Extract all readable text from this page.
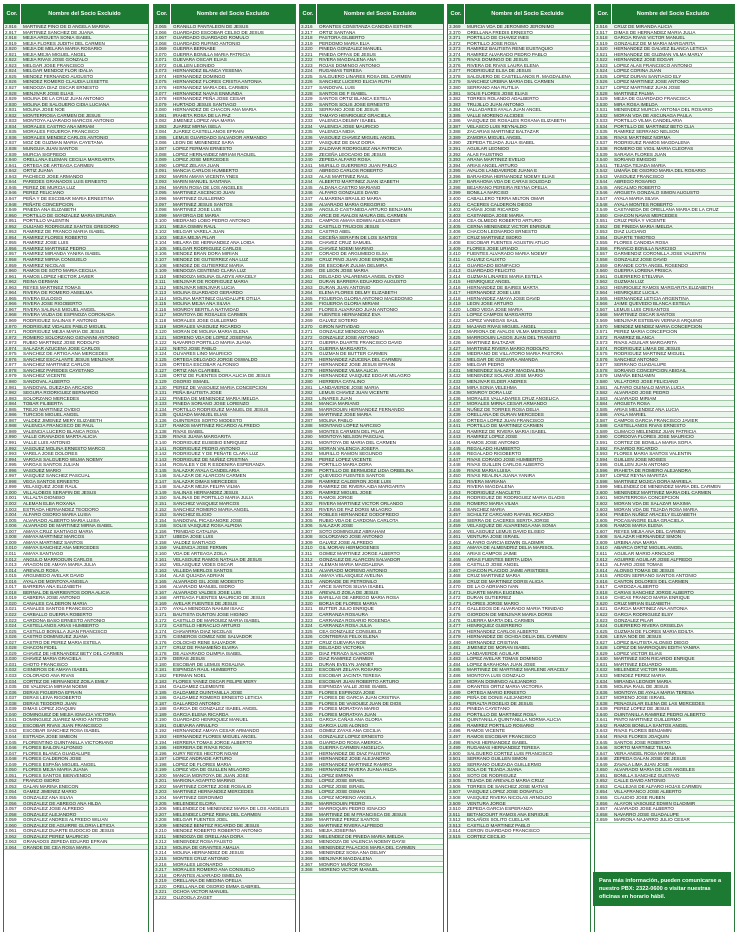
Cor.	Nombre del Socio Excluido
2.916	MARTINEZ PINO DE D ANGELA MARINA
2.917	MARTINEZ SANCHEZ DE JUANA
2.918	MEJIA ARGUETA SONIA ISABEL
2.919	MEJIA FLORES JUDITH DEL CARMEN
2.920	MEJIA DE MELARA MARIA ROSARIO
2.921	MEJIA MEJIA MIGUEL ANGEL
2.922	MEJIA RIVAS JOSE GONZALO
2.923	MELGAR JOSE FRANCISCO
2.924	MELGAR MENDOZ FLOR IDALIA
2.925	MENDEZ FERNANDO AUGUSTO
2.926	MENDEZ ROMERO CLAUDIA LISSETTE
2.927	MENDOZA DIAZ OSCAR ERNESTO
2.928	MENJIVAR JOSE ELIAS
2.929	MOLINA DE LA CRUZ JUAN ANTONIO
2.930	MOLINA DE SALGUERO CIDIA LUCIANA
2.931	MOLINA JOSE NOE
2.932	MONTERROSA CARMEN DE JESUS
2.933	MONTOYA ALVARADO MARCOS ANTONIO
2.934	MORALES CASTRO ANA MIRIAM
2.935	MORALES FIGUEROA FRANCISCO
2.936	MORALES MENDEZ CARLOS ANTONIO
2.937	MOZ DE GUZMAN MARIA CAYETANA
2.938	MUNGUIA JUAN SANTOS
2.939	MURCIA SIGFREDO
2.940	ORELLANA ELEMAN CECILIA MARGARITA
2.941	ORTEGA DE ARTEAGA CARMEN
2.942	ORTIZ JUANA
2.943	PACHECO JOSE ARMANDO
2.944	PAREDES GRANADOS LUIS ERNESTO
2.945	PEREZ DE MURCIA LUZ
2.946	PEREZ FELICIANO
2.947	PEÑA Y DE ESCOBAR MARIA ERNESTINA
2.948	PEÑATE CONCEPCION
2.949	PINEDA ANA ELIZABETH
2.950	PORTILLO DE GONZALEZ MARIA ERLINDA
2.951	PORTILLO VALENTIN
2.952	QUIJANO RODRIGUEZ SANTOS GREGORIO
2.953	RAMIREZ DE FRANCO MARIA ISABEL
2.954	RAMIREZ FLORES ROBERTO
2.955	RAMIREZ JOSE LUIS
2.956	RAMIREZ MARTINEZ PEDRO
2.957	RAMIREZ MIRANDA YANIRA ISABEL
2.958	RAMIREZ MIRNA CONSUELO
2.959	RAMIREZ NICOLAS
2.960	RAMOS DE SOTO MARIA CECILIA
2.961	RAMOS LOPEZ HECTOR JAVIER
2.962	REINA GERMAN
2.963	REYES MARTINEZ TOMAS
2.964	RIVERA DE ROMERO ANSELMA
2.965	RIVERA EULOGIO
2.966	RIVERA JOSE RIGOBERTO
2.967	RIVERA SALINAS MIGUEL ANGEL
2.968	RIVERA VIUDA DE ESPINOZA CORONADA
2.969	RODRIGUEZ SALINAS F ANTONIO
2.970	RODRIGUEZ VIDALES PABLO MIGUEL
2.971	RODRIGUEZ MEJIA MARIA DE JESUS
2.972	ROMERO SOLORZANO GIOVANNI ANTONIO
2.973	RUBIO MARTINEZ JOSE RODOLFO
2.974	SALAZAR AZUCENA JOSE CARLOS
2.975	SANCHEZ DE ARTIGA ANA MERCEDES
2.976	SANCHEZ ESCALANTE JESUS MENJIVAR
2.977	SANCHEZ MARTINEZ CARLOS
2.978	SANCHEZ PAREDES CAYETANO
2.979	SANCHEZ VICENTE
2.980	SANDOVAL ALBERTO
2.981	SANDOVAL QUEZADA ARCADIO
2.982	SEGURA RODRIGUEZ BERNARDO
2.983	SOLORZANO MERCEDES
2.984	TOBAR FILIBERTA
2.985	TREJO MARTINEZ OVIDIO
2.986	TURCIOS MIGUEL ANGEL
2.987	VALDEZ JIMENEZ MERY ELIZABETH
2.988	VALENCIA FRANCISCO DE PAUL
2.989	VALENCIA LUCERO BLANCA ROSA
2.990	VALLE GRANADOS MARTA ALICIA
2.991	VALLE LUIS ANTONIO
2.992	VASQUEZ MOLINA ERNESTO MARCO
2.993	VARELA JOSE DOLORES
2.994	VARGAS SALGUERO WILMA NOEMY
2.995	VARGAS SANTOS JULIAN
2.996	VASQUEZ MARIO
2.997	VASQUEZ SANCHEZ PASCUAL
2.998	VEGA SANTOS ERNESTO
2.999	VELASQUEZ JOSE RAUL
3.000	VILLALOBOS SERAFIN DE JESUS
3.001	VILLALTA DIONISIO
3.002	ALEMAN ELBA ROXANA
3.003	ESTRADA HERNANDEZ TEODORO
3.004	ALFARO OSORIO MARIA LUISA
3.005	ALVARADO ALBERTO MARIA LUISA
3.006	ALVARADO DE MARTINEZ MIRNA ISABEL
3.007	AMAYA CRUZ SANTIAGO MARIA
3.008	AMAYA MARTINEZ MARCOS
3.009	AMAYA MARTINEZ SANTOS
3.010	AMAYA SANCHEZ ANA MERCEDES
3.011	AMAYA SANTIAGO
3.012	ANGULO MARROQUIN CARLOS
3.013	ARAGON DE AMAYA MARIA JULIA
3.014	AREVALO ROSA
3.015	ARGUMEDO AVELAR DAVID
3.016	AYALA DE MONTOYA ANGELA
3.017	BARRERA ANA ELIZABETH
3.018	BERNAL DE BARRIENTOS DORA ALICIA
3.019	CABRERA JOSE ANTONIO
3.020	CANALES CALDERON MARIA
3.021	CANALES SANTOS FRANCISCO
3.022	CARBALLO GUERRA ROBERTO
3.023	CARDONA BASO ERNESTO ANTONIO
3.024	CASTELLANOS ARIAS HUMBERTO
3.025	CASTILLO BONILLA JUAN FRANCISCO
3.026	CASTRO DOMINGUEZ JUANA
3.027	CASTRO DE PEREZ MARIA ESTELA
3.028	CHACON FIDEL
3.029	CHAVEZ DE HERNANDEZ BETY DEL CARMEN
3.030	CHAVEZ MARIA GRACIELA
3.031	CHOTO FRANCISCO
3.032	CISNEROS DE AMAYA ISABEL
3.033	COLORADO ANA RIVAS
3.034	CORTEZ DE HERNANDEZ ZOILA EMILY
3.035	DE VALENCIA MIRIAM NOEMI
3.036	DERAS FIGUEROA EFRAIN
3.037	DERAS LEIVA RIGOBERTO
3.038	DERAS TEODORO JUAN
3.039	DIMAS LOPEZ JOAQUIN
3.040	DOMINGUEZ DE MEJIA IGNACIA VICTORIA
3.041	DOMINGUEZ JUAREZ MARIO ANTONIO
3.042	ESCOBAR RIVAS JUAN FRANCISCO
3.043	ESCOBAR SANCHEZ ROSA ISABEL
3.044	ESTRADA JOSE SIMEON
3.045	FLORENTINO GUINTANILLA VICTORIANO
3.046	FLORES BAILON ALFONSO
3.047	FLORES BLANCA GUADALUPE
3.048	FLORES CALDERON JOSE
3.049	FLORES ESPAÑA MIGUEL ANGEL
3.050	FLORES MEJIA MARIA JUANA
3.051	FLORES SANTOS BIENVENIDO
3.052	FRANCO ISIDRO
3.053	GALAN MARINA ENECON
3.054	GAMEZ JIMENEZ MARIO
3.055	GONZALEZ ANA SILVIA
3.056	GONZALEZ DE ABREGO ANA HILDA
3.057	GONZALEZ JOSE ALFREDO
3.058	GONZALEZ ALEJANDRO
3.059	GONZALEZ ANDRES ALFREDO WILIAN
3.060	GONZALEZ DE AGUIRRE GLORIA LETICIA
3.061	GONZALEZ DUARTE EUDOCIO DE JESUS
3.062	GONZALEZ PEREZ MAURICIO
3.063	GRANADOS ZEPEDA EDUARD EFRAIN
3.064	GRANDE DE CEA ROSA MARIA
Cor.	Nombre del Socio Excluido
3.065	GRANILLO PANTALEON DE JESUS
3.066	GUARDADO ESCOBAR CELSO DE JESUS
3.067	GUARDADO GUARDADO ROMULO
3.068	GUARDADO RUFINO ANTONIO
3.069	GUERRA BERNABE
3.070	GUERRA BONILLA MARIA PATRICIA
3.071	GUEVARA OSCAR ELIAS
3.072	GUILLEN LEONIDO
3.073	HERNANDEZ BLANCA YESENIA
3.074	HERNANDEZ DOMINGO
3.075	HERNANDEZ FLORES CRISTIA ANTONIA
3.076	HERNANDEZ MARIA DEL CARMEN
3.077	HERNANDEZ NAVAS ENMUNDA
3.078	HERNANDEZ PEÑA JOSE CESAR
3.079	HURTADO JESUS SANTIAGO
3.080	HERNANDEZ DE CHACON ANA MARIA
3.081	IRAHETA ROSA DE LA PAZ
3.082	JIMENEZ LOPEZ ANA MARIA
3.083	JUAREZ MIRNA ISELA
3.084	JUAREZ CASTELLANOS EFRAIN
3.085	LEMUS GUARDADO SALVADOR ARMANDO
3.086	LEON DE MENENDEZ SARA
3.087	LOPEZ FERMAN ERNESTO
3.088	LOPEZ HERNANDEZ MIRIAM RAQUEL
3.089	LOPEZ JOSE MERCEDES
3.090	LOPEZ ZELAYA JUAN
3.091	MANCIA CARLOS HUMBERTO
3.092	MARIN AMAYA VICENTA YNES
3.093	MARIN MANUEL SANTANA
3.094	MARIN ROSA DE LOS ANGELES
3.095	MARTINEZ ASCENCIO JUAN
3.096	MARTINEZ GUILLERMO
3.097	MARTINEZ JESUS SANTOS
3.098	MARTINEZ JOSE LUIS
3.099	MAYORGA DE MARIA
3.100	MEDRANO LOBO PEDRO ANTONIO
3.101	MEJIA OSMIN RAUL
3.102	MELGAR VARELA JUAN
3.103	MEJIA MEJIA PILAR
3.104	MELARA DE HERNANDEZ ANA LOIDA
3.105	MELGAR RODRIGUEZ CARLOS
3.106	MENDEZ BRAN DORA MIRIAN
3.107	MENDEZ DE GUTIERREZ ANA LUZ
3.108	MENDEZ DE GUTIERREZ MARIA
3.109	MENDOZA CENTENO CLARA LUZ
3.110	MENDOZA MOLINA GLADYS ARACELY
3.111	MENJIVAR DE RODRIGUEZ MARIA
3.112	MENJIVAR MENJIVAR LUCIA
3.113	MOLINA GUARDADO GERARDO
3.114	MOLINA MARTINEZ GUADALUPE OTILIA
3.115	MOLINA MEJIA ANA SILVIA
3.116	MONROY BERTILA NATIVIDAD
3.117	MONTOYA DE ROSALES CARMEN
3.118	MORALES JOSE GUILLERMO
3.119	MORALES VASQUEZ RICARDO
3.120	MORAN DE MOLINA MARIA ELENA
3.121	MORENO VDA DE LOPEZ JOSEFINA
3.122	NAVARRO PORTILLO MARIA JUANA
3.123	NIETO JOSE PABLO
3.124	OLIVARES LINO MAURICIO
3.125	ORTEGA DELGADO JORGE OSWALDO
3.126	ORTEGA ESCOBAR ALFONSO
3.127	ORTIZ ANA CLARIBEL
3.128	ORTIZ DE FUENTES DORA ALICIA DE JESUS
3.129	OSORIO ISMAEL
3.130	PEREZ DE VASQUEZ MARIA CONCEPCION
3.131	PEÑA BAUTISTA JOSE
3.132	PINEDA DE MENENDEZ MARIA IMELDA
3.133	PINEDA SORIANO JOSE LORENZO
3.134	PORTILLO RODRIGUEZ MANUEL DE JESUS
3.135	QUIJADA MANUEL ELIAS
3.136	QUINTEROS SORTO MODESTO
3.137	RAMOS MARTINEZ RICARDO ALFREDO
3.138	RIVAS ISABEL
3.139	RIVAS JUANA MARGARITA
3.140	RODRIGUEZ EUSEBIO ENRIQUEZ
3.141	RODRIGUEZ PEDRO ANTONIO
3.142	RODRIGUEZ Y DE PEÑATE CLARA LUZ
3.143	RODRIGUEZ DE NUÑEZ CRISTINA
3.144	ROSALES Y DE R ESDENIRA ESPERANZA
3.145	SALAZAR AYALA CANDELARIA
3.146	SALAZAR DE ALARCON CARMEN
3.147	SALAZAR DIMAS MERCEDES
3.148	SALAZAR MEJIA FELIPA VILMA
3.149	SALINAS HERNANDEZ JESUS
3.150	SALINAS DE PORTILLO MARIA JULIA
3.151	SANCHEZ VASQUEZ MARCOS
3.152	SANCHEZ ROMERO MARIA ANGEL
3.153	SANCHEZ ELIGIO
3.154	SANDOVAL PICASANGRE JOSE
3.155	SOLIS VASQUEZ ROSA ALPIDIA
3.156	TRINIDAD CATALINA
3.157	UBEDA JOSE LUIS
3.158	VALDEZ SANTIAGO
3.159	VALENCIA JOSE FERMIN
3.160	VDA DE ARTEAGA ZOILA
3.161	VELASQUEZ RAMOS NATALIA DE JESUS
3.162	VELASQUEZ VIDES OSCAR
3.163	VILLEDA MERLOS SANTOS
3.164	ALAS QUIJADA ADRIAN
3.165	ALVARADO GIL JOSE MODESTO
3.166	ALVARADO MANUEL ISIDRO
3.167	ALVARADO VALDES JOSE LUIS
3.168	ARTEAGA FUENTES MAURICIO DE JESUS
3.169	AVELAR FUENTES DE JESUS
3.170	AYALA MENDOZA NAHUM ISAAC
3.171	BAUTISTA DUNTON JOSE HIGINIO
3.172	CASTILLO DE MARQUEZ MARIA ISABEL
3.173	CASTILLO HERACLIO ARTURO
3.174	CHAVARRIA DIAZ NICOLAS
3.175	CISNEROS GOMEZ NOE SALVADOR
3.176	COLOCHO RENE SALVADOR
3.177	CRUZ DE PANAMEÑO ELVIRA
3.178	DE ALVARADO OLIMPIA ISABEL
3.179	DERAS JESUS
3.180	ESCOBAR DE LEMUS ROSALINA
3.181	ESPINOZA RAUL HUMBERTO
3.182	FERMAN NOEL
3.183	FLORES YANEZ OSCAR FELIPE MERY
3.184	GALDAMEZ CLEMENTE
3.185	GALDAMEZ QUINTANILLA JOSE
3.186	GALDAMEZ ROMERO ERNESTO LETICIA
3.187	GALLARDO ANTONIO
3.188	GARCIA DE GONZALEZ ISABEL ANGEL
3.189	GARCIA ELENA RICARDA
3.190	GUARDADO HENRIQUEZ MANUEL
3.191	GUEVARA ARNULFO
3.192	HERNANDEZ AMAYA CESAR ARMANDO
3.193	HERNANDEZ FLORES MIGUEL ANGEL
3.194	HERRERA TOMAS JORGE ALBERTO
3.195	HERRERA DE RIVAS ROSA
3.196	KURY REYES HECTOR NOAM
3.197	LOPEZ ANDRADE ARTURO
3.198	LOPEZ DE FLORES MARIA
3.199	LOPEZ VDA DE GUILLEN MILAGRO
3.200	MANCIA MONTOYA DE JUAN JOSE
3.201	MARIONA AGAPITO MARINO
3.202	MARTINEZ CORTEZ JOSE ROSALIO
3.203	MARTINEZ HERNANDEZ MERCEDES
3.204	MARTINEZ GERONIMO
3.205	MELENDEZ ELCIRA
3.206	MELENDEZ DE MENENDEZ MARIA DE LOS ANGELES
3.207	MELENDEZ LOPEZ REINA DEL CARMEN
3.208	MELGAR FUENTES JOEL
3.209	MENDEZ BENITEZ RICARDO DE JESUS
3.210	MENDEZ ROBERTO ROBERTO ANTONIO
3.211	MENDOZA DE ORELLANA DORA
3.212	MENENDEZ ROSA FAUSTO
3.213	MOLINA DE GRANTES AMALIA
3.214	MOLINA HERNANDEZ DE JESUS
3.215	MONTES CRUZ ANTONIO
3.216	MORALES LEONARDO
3.217	MORALES ROMERO ANA CONSUELO
3.218	ORANTES ALVARADO ISMELDA
3.219	ORELLANA DE MEDINA OFELIA
3.220	ORELLANA DE OSORIO EMMA GABRIEL
3.221	OCHOA VICTOR MANUEL
3.222	OLIZOOLA ZAGET
Cor.	Nombre del Socio Excluido
3.216	ORANTES CONSTANZA CANDIDA ESTHER
3.217	ORTIZ SANTANA
3.218	PASTORA GILBERTO
3.219	PERDOMO MARIA ELIA
3.220	PINEDA GONZALEZ MANUEL
3.221	PINEDA OFFAS DE JESUS
3.222	RIVERA MAGDALENA ANA
3.223	ROJAS DOMINGO ANTONIO
3.224	RUGAMAS TERESA
3.225	SALGUERO LINARES ROSA DEL CARMEN
3.226	SANCHEZ LUCERO ELICIA RUTH
3.227	SANDOVAL LUIS
3.228	SANTOS DE F ISABEL
3.229	SANTOS ORTIZ BLANCA ESTELA
3.230	SANTOS SOLIS JOSE ERNESTO
3.231	SERRANO JOSE DE JESUS
3.232	TAMAYO HENRIQUEZ GRACIELA
3.233	VALENCIA DEUMY ISABEL
3.234	VALENCIA JOSE MAURICIO
3.235	VALENCIA NIDIA
3.236	VASQUEZ CHAVEZ MIGUEL ANGEL
3.237	VASQUEZ DE DIAZ DORA
3.238	ZALDIVAR RODRIGUEZ ANA PATRICIA
3.239	ZECEÑA LEOCADIO DE JESUS
3.240	ZEPEDA ALFARO ROSA
3.241	MURILLO GUERRERO JUAN PABLO
3.242	ABREGO CARLOS ROBERTO
3.243	ALAS MARTINEZ RAUL
3.244	ALBERTO MARTINEZ JUAN IZABETH
3.245	ALDANA CASTRO MARIANO
3.246	ALFARO GONZALES DAVID
3.247	ALMARENA BRAULIO MARIA
3.248	ALVARADO MARIA GREGORIO
3.249	ANGULO CASTANEDA ARTURO BENJAMIN
3.250	ARCE DE AVALOS MAURA DEL CARMEN
3.251	CAMPOS AMAYA EDWIN ALEXANDER
3.252	CASTILLO TRUCIOS JESUS
3.253	CASTRO ABEL
3.254	CECEÑA SERAFIN DE LOS SANTOS
3.255	CHAVEZ CRUZ SAMUEL
3.256	CHAVEZ NOEMI MARINO
3.257	CORADO DE ARGUMEDO ELSA
3.258	CRUZ PINO JUAN JOSE ENRIQUE
3.259	DE ESCOBAR ZULMA DELMIRA
3.260	DE LEON JOSE MARIA
3.261	DELGADO VALARENGA ANGEL OVIDIO
3.262	DURAN BARRERA EDUARDO AUGUSTO
3.263	DURAN JUAN ANTONIO
3.264	ELENA FLORES DELMY ELIZABETH
3.265	FIGUEROA GLORIA ANTONIO MACEDONIO
3.266	FIGUEROA GLORIA MIRIAM
3.267	FLORES ALVARADO JUAN ANTONIO
3.268	FUENTES HERNANDEZ EVA
3.269	GALVEZ SOTERO
3.270	GIRON NATIVIDAD
3.271	GONZALEZ MENDOZA WILMA
3.272	GONZALEZ JOSE ANTONIO
3.273	GUERRA DUARTE FRANCISCO DAVID
3.274	GUERRA MARGARITA
3.275	GUZMAN DE BUTTER CARMEN
3.276	HERNANDEZ AZUCENA DEL CARMEN
3.277	HERNANDEZ JOSE JESUS EFRAIN
3.278	HERNANDEZ VILMA ALICIA
3.279	HERNANDEZ VASQUEZ EDGAR MILAGRO
3.280	HERRERA CATALINO
3.281	LANDAVERDE JOSE MARIA
3.282	LEMUS CHAVEZ JUAN VICENTE
3.283	LINARES JUAN
3.284	MANCIA MARIANO
3.285	MARROQUIN HERNANDEZ FERNANDO
3.286	MARTINEZ JOSE MARIA
3.287	MOLINA PABLO
3.288	MONTANO LOPEZ NARCISO
3.289	MONTES CARMEN DEL PILAR
3.290	MONTOYA NELSON PASCUAL
3.291	MONTOYA DE MARIA DEL CARMEN
3.292	MORAN VALENCIA JOSEFA
3.293	MURILLO RAMON SEGUNDO
3.294	PEREZ LOPEZ VICENTE
3.295	PORTILLO MARIA DORA
3.296	PORTILLO DE BERMUDEZ LIDIA ORBELINA
3.297	QUEVEDO FUENTES SANTOS
3.298	RAMIREZ CALDERON JOSE LUIS
3.299	RAMIREZ DE RIVERA AIDA MARGARITA
3.300	RAMIREZ MIGUEL JOSE
3.301	RAMOS JORGE
3.302	RIVERA MARTINEZ VICTOR ORLANDO
3.303	RIVERA DE PAZ DORIS MILAGRO
3.304	ROBLES HERNANDEZ GODOFREDO
3.305	RUBIO VDA DE CARDONA CARLOTA
3.306	SALAZAR JOSE
3.307	SOTO DOMINGUEZ ABRAHAM
3.308	SOLORZANO JOSE ANTONIO
3.309	GALVEZ JOSE ALFREDO
3.310	GIL MORAN HERMOGENES
3.311	GOMEZ MARTINEZ JORGE ALBERTO
3.312	GONZALEZ DE ALARCON SALVADOR
3.313	ALEMAN MARIA MAGDALENA
3.314	ALVARADO MORENO ANTONIO
3.315	AMAYA VELASQUEZ AVELINA
3.316	ANDRADE DE PETRONILO
3.317	ARCE SANTOS SILVIA ISABEL
3.318	AREVALO ZOILA DE JESUS
3.319	BARILLAS DE ABREGO MARIA ROSA
3.320	BORJA DE FLORES MARIA
3.321	BUTTER JULIO ENRIQUE
3.322	CARRANZA ROSAURA
3.323	CARRANZA ROSARIO ROSENDA
3.324	CARRANZA ROSA JULIA
3.325	CEA GONZALEZ CONSUELO
3.326	CONTRERAS FELIX ELENA
3.327	CRUZ GUEVARA NOE
3.328	DELGADO VICTORIA
3.329	DIAZ PERAZA SALVADOR
3.330	DIAZ RAMIREZ CARMEN
3.331	DURAN EVELYN JANNET
3.332	ESCOBAR ZELAYA ROSARIO
3.333	ESCOBAR JACINTA TERESA
3.334	ESCOBAR JUAN ROBERTO ARTURO
3.335	ESPINOZA VALLE JOSE ISABEL
3.336	FLORES ESPINOZA JOSE
3.337	FLORES DE GARCIA JUAN CRISTINA
3.338	FLORES DE VASQUEZ JUAN DE DIOS
3.339	FLORES MORATAYA MARIO
3.340	FLORES MORATAYA JUAN
3.341	GARCIA CAÑAS ANA GLORIA
3.342	GARCIA LUIS ALONSO
3.343	GOMEZ ZAYAS ANA CECILIA
3.344	GONZALEZ LOPEZ ERNESTO
3.345	GUARDADO ROSA AMERICA
3.346	GUERRA CARMEN ANGELICA
3.347	HERNANDEZ DE DIAZ FAUSTINA
3.348	HERNANDEZ JOSE ALEJANDRO
3.349	HERNANDEZ MARTINEZ RAMIRO
3.350	HERNANDEZ RIVERA JUANA HILDA
3.351	LOPEZ EMIRNA
3.352	LOPEZ JOSE ISRAEL
3.353	LOPEZ JOSE ISRAEL
3.354	LOPEZ JOSE OSMAN
3.355	LOPEZ MORENO ANGELA
3.356	MARROQUIN PEDRO
3.357	MARROQUIN PEDRO IGNACIO
3.358	MARTINEZ DE M FRANCISCA DE JESUS
3.359	MARTINEZ PEREZ SANTOS
3.360	MARTINEZ RIVERA ALFREDO
3.361	MEJIA JOSEFINA
3.362	MELENDEZ DE PINEDA MARIA IMELDA
3.363	MENDOZA DE VALENCIA NOEMY DAYSI
3.364	MENENDEZ PALACIOS MARIA DEL CARMEN
3.365	MENENDEZ SOSA ANA DELMY
3.366	MENJIVAR MAGDALENA
3.367	MONROY MUÑOZ ROSA
3.368	MORENO VICTOR MANUEL
Cor.	Nombre del Socio Excluido
3.369	MURCIA VDA DE JERONIMO JERONIMO
3.370	ORELLANA FREDIS ERNESTO
3.371	PORTILLO DE CHAVEZ INES
3.372	PORTILLO JOSE ROSA
3.373	RAMIREZ BAUTISTA RENE EUSTAQUIO
3.374	RAMIREZ ALVARADO PEDRO PABLO
3.375	RIVAS DOMINGO DE JESUS
3.376	RIVERA DE RIVAS LAURA ELENA
3.377	RODRIGUEZ ELSA DE JESUS
3.378	SALGUERO DE CASTELLANOS R. MAGDALENA
3.379	SANCHEZ URBINA MARIA DEL CARMEN
3.380	SERRANO ANA RUTILIA
3.381	SOLIS FLORES JOSE ELIAS
3.382	TORRES ROLANDO ADALBERTO
3.383	TRUJILLO JUAN ANTONIO
3.384	VALLADARES AYALA JUAN ANGEL
3.385	VALLE MORENO ALCIDES
3.386	VASQUEZ DE ROSALES ROXANA ELIZABETH
3.387	VELASCO LUIS REYNALDO
3.388	ZACARIAS MARTINEZ BALTAZAR
3.389	ZAMORA MIGUEL ANGEL
3.390	ZEPEDA TEJADA JULIA ISABEL
3.391	AGUILAR LEONIDO
3.392	ALAS FAUSTINO
3.393	ARANA MARTINEZ EVELIO
3.394	ARIAS ANGEL ARTURO
3.395	AVALOS LANDAVERDE JUANA E
3.396	BARAHONA HERNANDEZ NOEMY ELIAS
3.397	BARAHONA VDA DE CARAS SOLEDAD
3.398	BEJARANO PEREIRA REYNA OFELIA
3.399	BONILLA NARCISO
3.400	CABALLERO TERRA MILTON OMAR
3.401	CACERES CALDERON DIEGO
3.402	CAÑAS JOSE RICARDO
3.403	CASTANEDA JOSE MARIA
3.404	CEA OLMEDO ROBERTO ARTURO
3.405	CERNA MENENDEZ VICTOR ENRIQUE
3.406	CHACON LEONARDO ERNESTO
3.407	CRUZ MARTINEZ ISIDRO
3.408	ESCOBAR FUENTES AGUSTIN ATILIO
3.409	FLORES JOSE URIADO
3.410	FUENTES ALVARADO MARIA NOEMY
3.411	GALVEZ CALIXTO
3.412	GUARDADO BONIFACIO
3.413	GUARDADO FELICITO
3.414	GUZMAN LINARES MARIA ESTELA
3.415	HENRIQUEZ ANGEL
3.416	HERNANDEZ DE BAIRES MARTA
3.417	HERNANDEZ JOSE LUIS
3.418	HERNANDEZ AMAYA JOSE DAVID
3.419	LEON JOSE ARTURO
3.420	LOBO VEGA JOSE MARIA
3.421	LOPEZ CAMPOS MARGARITO
3.422	LOPEZ VANEGAS SAUL
3.423	MAJANO RIVAS MIGUEL ANGEL
3.424	MARIONA DE AVALOS VILMA MERCEDES
3.425	MARROQUIN LAGOS JUAN DEL TRANSITO
3.426	MARTINEZ BALTAZAR
3.427	MARTINEZ RIVERA MARIO RODOLFO
3.428	MEDRANO DE VILLATORO MARIA PASTORA
3.429	MELGAR DE GUEVARA AMANDA
3.430	MELGAR PEDRO
3.431	MENENDEZ SALAZAR MAGDALENA
3.432	MENENDEZ SOLANO JOSE MARIO
3.433	MENJIVAR ELDER ANDRES
3.434	MIRA SONIA VELEHMA
3.435	MONROY DORA LUZ
3.436	MORALES VALLADARES CRUZ ANGELICA
3.437	MORALES MIRNA CESAR ARMANDO
3.438	NUÑEZ DE TORRES ROSA DELIA
3.439	ORELLANA DE DURAN MERCEDES
3.440	ORTEGA LOPEZ JUAN FRANCISCO
3.441	PORTILLO DE MARTINEZ CARMEN
3.442	RAMIREZ DE RIVERA MARIA ISABEL
3.443	RAMIREZ LOPEZ JOSE
3.444	RAMOS JOSE ANTONIO
3.445	REGALADO HUMBERTO
3.446	REGALADO RIGOBERTO
3.447	RIVAS CORADO JOSE HUMBERTO
3.448	RIVAS GUILLEN CARLOS ALBERTO
3.449	RIVAS MARIA LUISA
3.450	RIVAS REALINA JUANA YANIRA
3.451	RIVERA MARIANA
3.452	RIVERA MAGDALENA
3.453	RODRIGUEZ ANACLETO
3.454	RODRIGUEZ DE RODRIGUEZ MARIA GLADIS
3.455	ROMERO MARIA VILMA
3.456	SANCHEZ MARIA
3.457	SCHULTZ CARCAMO RAFAEL RICARDO
3.458	SIERRA DE CACERES SERITA JORGE
3.459	VELASQUEZ DE ALVARENGA ANA SONIA
3.460	VELASQUEZ LEMUS DAVID ELISEO
3.461	VENTURA JOSE ISRAEL
3.462	ALFARO GARCIA EDWIN GLADIMIR
3.463	AMAYA DE ALMENDRIZ DELIA MARISOL
3.464	ARIAS CAMPOS JAIME
3.465	ARIAS FUENTES BERTA LIDIA
3.466	CASTILLO JOSE ANGEL
3.467	CHACON PLACIDO JAIME ARISTIDES
3.468	CRUZ MARTINEZ MARIA
3.469	CRUZ DE MARTINEZ DORIS ALICIA
3.470	DE LA O ADRIANO IVAN
3.471	DUARTE MARIA EUGENIA
3.472	DURAN GUTIERREZ
3.473	FLORES JORGE MARIO
3.474	GALLEGOS DE ALVARADO MARIA TRINIDAD
3.475	GIORDON DE MENJIVAR MARIA DORIS
3.476	GUERRA MARTA DEL CARMEN
3.477	HENRIQUEZ GUERRERO
3.478	HERNANDEZ CARLOS ALBERTO
3.479	HERNANDEZ DE OCHOA DELIA DEL CARMEN
3.480	HERNANDEZ CRISTIAN
3.481	JIMENEZ DE MORAN ISABEL
3.482	LANDAVERDE AGUILAR
3.483	LOPEZ AVELAR TOMAS DOMINGO
3.484	LOPEZ BARAHONA JUAN JOSE
3.485	MARTINEZ DE MARTINEZ MARLENE ARACELY
3.486	MONTOYA LUIS GONZALO
3.487	MORAN DOMINGO ALEJANDRO
3.488	ORANTES ORTIZ MARIA VICTORIA
3.489	ORTEGA MARIO ERNESTO
3.490	PEÑA DE DONIS ALEJANDRO
3.491	PERALTA ROGELIO DE JESUS
3.492	PINEDA CAYETANO
3.493	PORTILLO DE MARTINEZ ROSA
3.494	QUINTANILLA QUINTANILLA NORMA ALICIA
3.495	RAMIREZ PORTILLO ROSARIO
3.496	RAMOS VICENTE
3.497	RAMOS ESCOBAR FRANCISCO
3.498	RIVAS HERNANDEZ ISABEL
3.499	RUGAMAS HERNANDEZ TERESA
3.500	SALGUERO CORTEZ LUIS FRANCISCO
3.501	SERRANO GUILLEN SIMON
3.502	SERRANO QUEZADA GUILLERMO
3.503	SOLA DE TEJADA JUANA
3.504	SOTO DE RODRIGUEZ
3.505	TEJADA DE AREVALO MARIA CRUZ
3.506	TORRES DE SANCHEZ JOSE MATIAS
3.507	VASQUEZ LOPEZ JOSE DONATILO
3.508	VASQUEZ RIVERA NICOLAS ARNOLDO
3.509	VENTURA JORGE
3.510	ZEPEDA GARCIA ESPERANZA
3.511	BETANCOURT RAMOS ANA ENRIQUE
3.512	BOLAÑOS SOLITO CUELLAR
3.513	CASTILLO MARTINEZ PABLO
3.514	CERON GUARDADO FRANCISCO
3.515	CORTEZ CECILIO
Cor.	Nombre del Socio Excluido
3.516	CRUZ DE MIRANDA ALICIA
3.517	DIMAS DE HERNANDEZ MARIA JULIA
3.518	GARCIA RIVAS VICTOR MANUEL
3.519	GONZALEZ DE M MARIA MARGARITA
3.520	HERNANDEZ DE GALVEZ BLANCA LETICIA
3.521	HERNANDEZ DE GUZMAN VILMA MARLY
3.522	HERNANDEZ JOSE EDGAR
3.523	LOPEZ ALAS FRANCISCO ANTONIO
3.524	LOPEZ CORINA JUAN
3.525	LOPEZ DURAN SANTIAGO ELY
3.526	LOPEZ MARTINEZ JOSE ANTONIO
3.527	LOPEZ MARTINEZ JUAN JOSE
3.528	MARTINEZ PALMA
3.529	MEJIA DE GUARDADO FRANCISCA
3.530	MIRA ROSA IMELDA
3.531	MENENDEZ MURCIA ANTONIA DEL ROSARIO
3.532	MORAN VDA DE ASCUNAGA PAULA
3.533	PORTILLO VILMA CANDELARIA
3.534	PORTILLO DE MARTINEZ BETO CLIA
3.535	RAMIREZ SERRANO NELSON
3.536	RIVAS MARTINEZ NORMA
3.537	RODRIGUEZ RAMOS MAGDALENA
3.538	ROMERO DE VIGIL MARIA CLEOFAS
3.539	SARAVIA FLORES JUAN
3.540	SORIANO EMIGDIO
3.541	TEJADA TEJADA MARIA
3.542	UMAÑA DE OSORIO MARIA DEL ROSARIO
3.543	VASQUEZ FRANCISCO
3.544	ABREGO ROSARIO
3.545	ANCALMO ROBERTO
3.546	ARGUETA GONZALO SIMON AUGUSTO
3.547	AYALA MARIA SILVIA
3.548	AYALA MONTES ROBERTO
3.549	CASTANEDA DE ORELLANA MARIA DE LA CRUZ
3.550	CHACON NAVAS MERCEDES
3.551	CRUZ PEÑA Y VICENTE
3.552	DE PINEDA MARIA IMELDA
3.553	DIAZ LUCIANO
3.554	DUARTE TIMOTEO
3.555	FLORES CANDIDA ROSA
3.556	FRANCO BONILLA NARCISO
3.557	GARMENDIZ CORONILLA JOSE VALENTIN
3.558	GONZALEZ JOSE DAVID
3.559	GRANDE COTA ANGEL ROSENDO
3.560	GUERRA LORENA PRISCA
3.561	GUERRERO ETELVINA
3.562	GUZMAN LUZ
3.563	HENRIQUEZ RAMOS MARGARITA ELIZABETH
3.564	HENRIQUEZ LUCILA
3.565	HERNANDEZ LETICIA ARGENTINA
3.566	JAIME QUEVEDO BLANCA ESTELA
3.567	LEMUS LUIS CRISANTOS
3.568	MARTINEZ OSCAR SANTOS
3.569	MENJIVAR ESTEBAN VERNAS ARQUINO
3.570	MENDEZ MENDEZ MARIA CONCEPCION
3.571	PEREZ MARIA CONCEPCION
3.572	RAMIREZ BLANCA
3.573	RIVAS AGUILAR MARGARITA
3.574	RODRIGUEZ LIMAS DE JESUS
3.575	RODRIGUEZ MARTINEZ MIGUEL
3.576	SANCHEZ ANTONIO
3.577	SERRANO GUADALUPE
3.578	SORIANO CONCEPCION ABIGAIL
3.579	UMAÑA BENJAMIN
3.580	VILLATORO JOSE FELICIANO
3.581	ALFARO QUINALO MARIA LUCIA
3.582	ALVARADO JOSE PEDRO
3.583	ALVARADO MIRIAM
3.584	ARGUETA ROSA
3.585	ARIAS MELENDEZ ANA LUCIA
3.586	AYALA MARIEL
3.587	CAMPOS GARCIA FRANCISCO JAVIER
3.588	CASTELLANOS RIVAS ERNESTO
3.589	CLIMACO MELENDEZ JUAN PATRICIA
3.590	CORDOVA FLORES JOSE MAURICIO
3.591	CORTEZ DE BONILLA MARIA SOFIA
3.592	FAJARDO RICARDO
3.593	FLORES MARIA SANTOS VALENTIN
3.594	GUILLEN JOSE MOISES
3.595	GUILLEN JUAN ANTONIO
3.596	IRAHETA DE ROMERO ALEJANDRA
3.597	LOPEZ REYNA MARITZA
3.598	MARTINEZ MOJICA DORA MARIELA
3.599	MELENDEZ DE MENENDEZ MARIA DEL CARMEN
3.600	MENENDEZ MARTINEZ MARIA DEL CARMEN
3.601	MONTERROSA CONCEPCION
3.602	MORAN VDA DE SALAZAR MAXIMA
3.603	MORAN VDA DE TEJADA ROSA MARIA
3.604	PINEDA NUÑEZ ARACELY ELIZABETH
3.605	POCASANGRE ELBA GRACIELA
3.606	RAMOS MARIA ELENA
3.607	REYES MEJIA ANA DEL CARMEN
3.608	SALAZAR HERNANDEZ SIMON
3.609	URBINA ANA MARIA
3.610	ABARCA ORTIZ MIGUEL ANGEL
3.611	AGUILAR MARIO ARNOLDO
3.612	AGUIRRE AGUILAR JOSE ALFREDO
3.613	ALFARO JOSE TOMAS
3.614	ALONSO TOMAS DE JESUS
3.615	ARDON SERRANO SANTOS ANTONIO
3.616	CANTON DOLORES DEL CARMEN
3.617	CARDOZA ALBERTO
3.618	CARIAS SANCHEZ JORGE ALBERTO
3.619	CHICAS FRANCO MARIA ENRIQUE
3.620	CRUZ MIRIAN ELIZABETH
3.621	GARCIA MARTINEZ ANA ANTONIA
3.622	GARCIA RODRIGUEZ ELSY
3.623	GONZALEZ PILAR
3.624	GUERRERO RIVERA GRISELDA
3.625	GUZMAN DE FLORES MARIA EDILTA
3.626	LEIVA NOE DE JESUS
3.627	LOPEZ BAUTISTA ALONSO DIEGO
3.628	LOPEZ DE MARROQUIN EDITH YANIRA
3.629	LOPEZ VICTOR ELIAS
3.630	MARTINEZ SION RICARDO ENRIQUE
3.631	MARTINEZ EDUARDO
3.632	MELENDEZ VICTOR MANUEL
3.633	MENDEZ PEREZ MARIA
3.634	MIRANDA LEONOR MARIA
3.635	MOLINA RAUL DE JESUS
3.636	MONTOYA DE AYALA MARIA TERESA
3.637	MORENO JOSE ISRAEL
3.638	PENAGUILAR ELENA DE LAS MERCEDES
3.639	PEREZ LOPEZ DE JESUS
3.640	QUINTANILLA RAMIREZ PEDRO ALBERTO
3.641	PINTO MARTINEZ GUILLERMO
3.642	RAMOS BONILLA SANTOS ANGEL
3.643	RIVAS FLORES BENJAMIN
3.644	RIVAS FLORES JOAQUIN
3.645	SANTOS JOSE ROBERTO
3.646	SORTO MARTINEZ TELMA
3.647	VERA ANGEL ROSA MARINA
3.648	ZEPEDA GALAN JOSE DE JESUS
3.649	ZAVALA LIMA JUAN JOSE
3.650	ALVARADO MARIA DE LOS ANGELES
3.651	BONILLA SANCHEZ GUSTAVO
3.652	CALLE DAVID ANTONIO
3.653	CALLEJAS DE ALFARO HOJAS CARMEN
3.654	VILLAFRANCO JOSE ALBERTO
3.655	CLAUDIO JOSE RUBEN
3.656	ALAYON VASQUEZ EDWIN GLADIMIR
3.657	ALVARADO JOSE ALBERTO
3.658	NAVARRO JOSE GUADALUPE
3.659	MARIONA NAJARRO JULIO CESAR
Para más información, pueden comunicarse a nuestro PBX: 2322-0600 o visitar nuestras oficinas en horario hábil.
